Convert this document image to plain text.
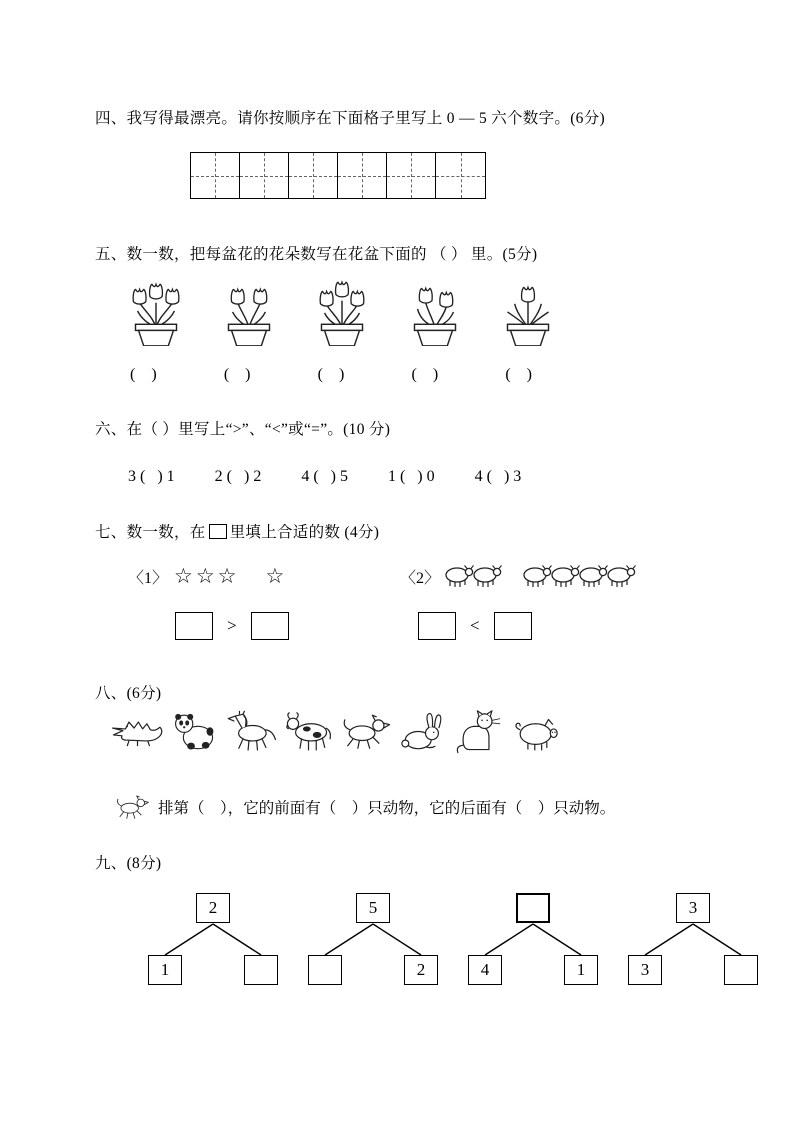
四、我写得最漂亮。请你按顺序在下面格子里写上 0 — 5 六个数字。(6分)

五、数一数，把每盆花的花朵数写在花盆下面的 （ ） 里。(5分)

(    )	(    )	(    )	(    )	(    )

六、在（ ）里写上“>”、“<”或“=”。(10 分)

3 (   ) 1	2 (   ) 2	4 (   ) 5	1 (   ) 0	4 (   ) 3

七、数一数，在 里填上合适的数 (4分)

〈1〉 ☆☆☆ ☆	〈2〉
>	<

八、(6分)

排第（    ），它的前面有（    ）只动物，它的后面有（    ）只动物。

九、(8分)

2
1
5
2	4	1
3
3
